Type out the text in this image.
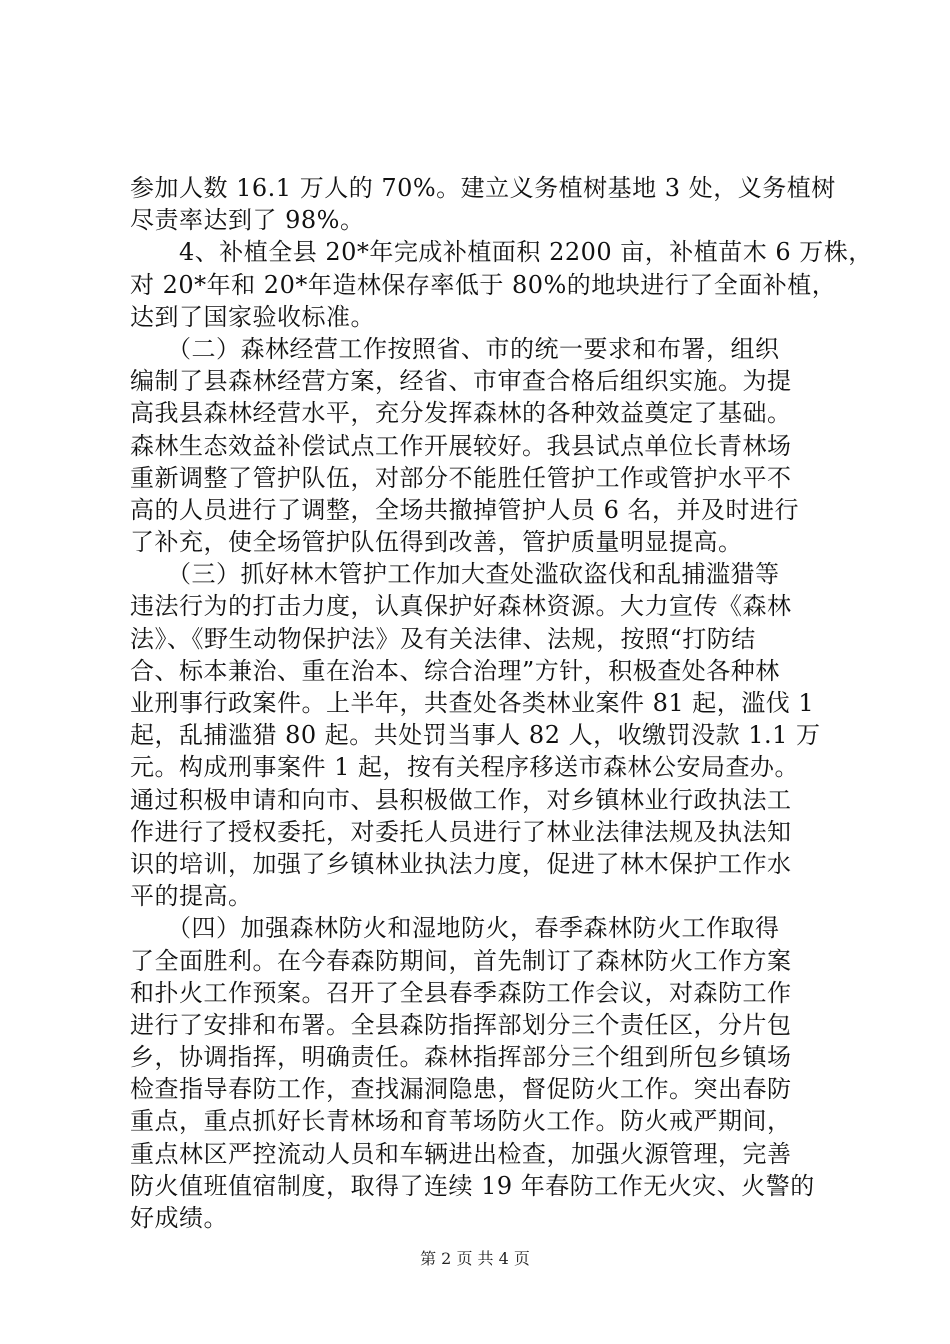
参加人数 16.1 万人的 70%。建立义务植树基地 3 处，义务植树
尽责率达到了 98%。
　　4、补植全县 20*年完成补植面积 2200 亩，补植苗木 6 万株，
对 20*年和 20*年造林保存率低于 80%的地块进行了全面补植，
达到了国家验收标准。
　　（二）森林经营工作按照省、市的统一要求和布署，组织
编制了县森林经营方案，经省、市审查合格后组织实施。为提
高我县森林经营水平，充分发挥森林的各种效益奠定了基础。
森林生态效益补偿试点工作开展较好。我县试点单位长青林场
重新调整了管护队伍，对部分不能胜任管护工作或管护水平不
高的人员进行了调整，全场共撤掉管护人员 6 名，并及时进行
了补充，使全场管护队伍得到改善，管护质量明显提高。
　　（三）抓好林木管护工作加大查处滥砍盗伐和乱捕滥猎等
违法行为的打击力度，认真保护好森林资源。大力宣传《森林
法》、《野生动物保护法》及有关法律、法规，按照“打防结
合、标本兼治、重在治本、综合治理”方针，积极查处各种林
业刑事行政案件。上半年，共查处各类林业案件 81 起，滥伐 1
起，乱捕滥猎 80 起。共处罚当事人 82 人，收缴罚没款 1.1 万
元。构成刑事案件 1 起，按有关程序移送市森林公安局查办。
通过积极申请和向市、县积极做工作，对乡镇林业行政执法工
作进行了授权委托，对委托人员进行了林业法律法规及执法知
识的培训，加强了乡镇林业执法力度，促进了林木保护工作水
平的提高。
　　（四）加强森林防火和湿地防火，春季森林防火工作取得
了全面胜利。在今春森防期间，首先制订了森林防火工作方案
和扑火工作预案。召开了全县春季森防工作会议，对森防工作
进行了安排和布署。全县森防指挥部划分三个责任区，分片包
乡，协调指挥，明确责任。森林指挥部分三个组到所包乡镇场
检查指导春防工作，查找漏洞隐患，督促防火工作。突出春防
重点，重点抓好长青林场和育苇场防火工作。防火戒严期间，
重点林区严控流动人员和车辆进出检查，加强火源管理，完善
防火值班值宿制度，取得了连续 19 年春防工作无火灾、火警的
好成绩。
第 2 页 共 4 页
